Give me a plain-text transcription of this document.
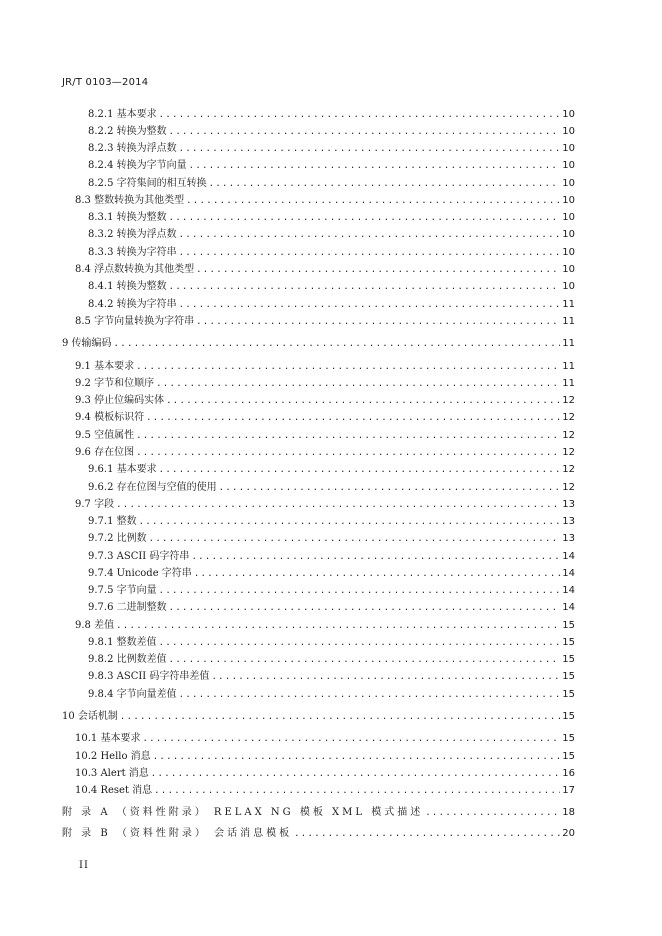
JR/T 0103—2014
8.2.1 基本要求 .....	10
8.2.2 转换为整数 .....	10
8.2.3 转换为浮点数 .....	10
8.2.4 转换为字节向量 .....	10
8.2.5 字符集间的相互转换 .....	10
8.3 整数转换为其他类型 .....	10
8.3.1 转换为整数 .....	10
8.3.2 转换为浮点数 .....	10
8.3.3 转换为字符串 .....	10
8.4 浮点数转换为其他类型 .....	10
8.4.1 转换为整数 .....	10
8.4.2 转换为字符串 .....	11
8.5 字节向量转换为字符串 .....	11
9 传输编码 .....	11
9.1 基本要求 .....	11
9.2 字节和位顺序 .....	11
9.3 停止位编码实体 .....	12
9.4 模板标识符 .....	12
9.5 空值属性 .....	12
9.6 存在位图 .....	12
9.6.1 基本要求 .....	12
9.6.2 存在位图与空值的使用 .....	12
9.7 字段 .....	13
9.7.1 整数 .....	13
9.7.2 比例数 .....	13
9.7.3 ASCII 码字符串 .....	14
9.7.4 Unicode 字符串 .....	14
9.7.5 字节向量 .....	14
9.7.6 二进制整数 .....	14
9.8 差值 .....	15
9.8.1 整数差值 .....	15
9.8.2 比例数差值 .....	15
9.8.3 ASCII 码字符串差值 .....	15
9.8.4 字节向量差值 .....	15
10 会话机制 .....	15
10.1 基本要求 .....	15
10.2 Hello 消息 .....	15
10.3 Alert 消息 .....	16
10.4 Reset 消息 .....	17
附 录 A （资料性附录） RELAX NG 模板 XML 模式描述 .....	18
附 录 B （资料性附录） 会话消息模板 .....	20
II
